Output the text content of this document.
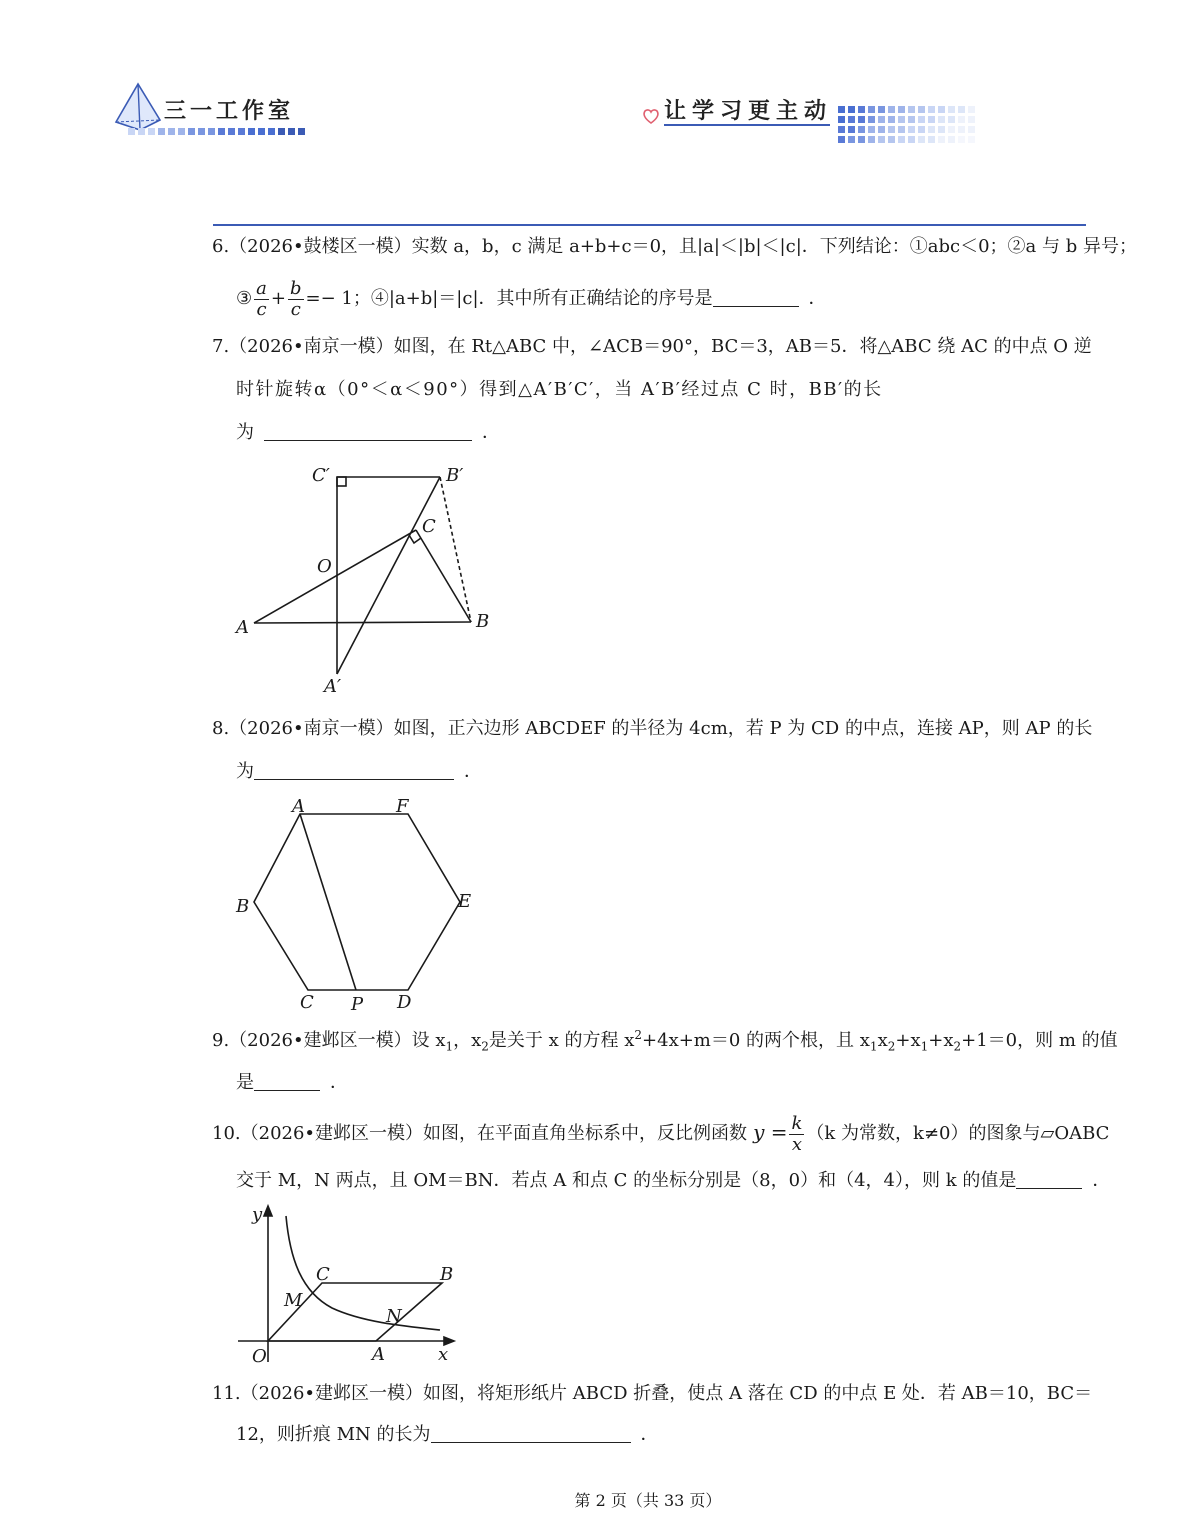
三一工作室	让学习更主动
6.（2026•鼓楼区一模）实数 a，b，c 满足 a+b+c＝0，且|a|＜|b|＜|c|．下列结论：①abc＜0；②a 与 b 异号；
③ $\frac{a}{c} + \frac{b}{c} =- 1$；④|a+b|＝|c|．其中所有正确结论的序号是	．
7.（2026•南京一模）如图，在 Rt△ABC 中，∠ACB＝90°，BC＝3，AB＝5．将△ABC 绕 AC 的中点 O 逆
时针旋转α（0°＜α＜90°）得到△A′B′C′，当 A′B′经过点 C 时，BB′的长
为	．
C′	B′
C
O
A	B
A′
8.（2026•南京一模）如图，正六边形 ABCDEF 的半径为 4cm，若 P 为 CD 的中点，连接 AP，则 AP 的长
为	．
A	F
B	E
C P D
9.（2026•建邺区一模）设 $x_1$，$x_2$是关于 x 的方程 $x^2+4x+m=0$ 的两个根，且 $x_1x_2+x_1+x_2+1=0$，则 m 的值
是	．
10.（2026•建邺区一模）如图，在平面直角坐标系中，反比例函数 $y = \frac{k}{x} (k$ 为常数，k≠0）的图象与▱OABC
交于 M，N 两点，且 OM＝BN．若点 A 和点 C 的坐标分别是（8，0）和（4，4），则 k 的值是	．
y
C	B
M
N
O	A	x
11.（2026•建邺区一模）如图，将矩形纸片 ABCD 折叠，使点 A 落在 CD 的中点 E 处．若 AB＝10，BC＝
12，则折痕 MN 的长为	．
第 2 页（共 33 页）
